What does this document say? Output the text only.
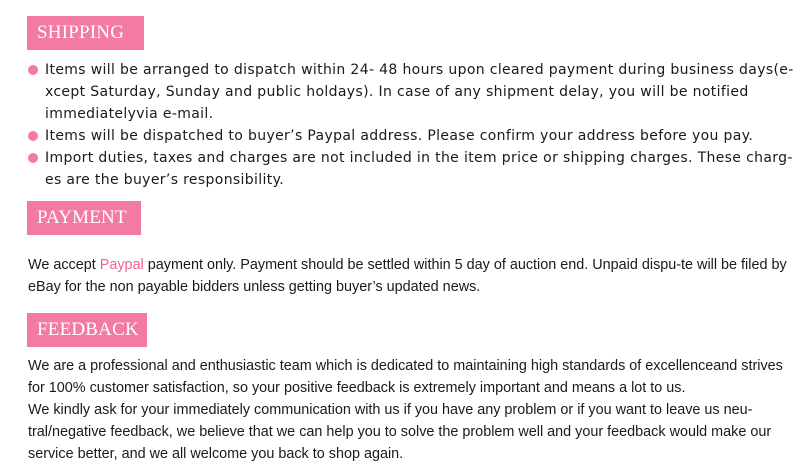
SHIPPING
Items will be arranged to dispatch within 24- 48 hours upon cleared payment during business days(e-
xcept Saturday, Sunday and public holdays). In case of any shipment delay, you will be notified
immediatelyvia e-mail.
Items will be dispatched to buyer’s Paypal address. Please confirm your address before you pay.
Import duties, taxes and charges are not included in the item price or shipping charges. These charg-
es are the buyer’s responsibility.
PAYMENT

We accept Paypal payment only. Payment should be settled within 5 day of auction end. Unpaid dispu-te will be filed by
eBay for the non payable bidders unless getting buyer’s updated news.

FEEDBACK

We are a professional and enthusiastic team which is dedicated to maintaining high standards of excellenceand strives
for 100% customer satisfaction, so your positive feedback is extremely important and means a lot to us.

We kindly ask for your immediately communication with us if you have any problem or if you want to leave us neu-
tral/negative feedback, we believe that we can help you to solve the problem well and your feedback would make our
service better, and we all welcome you back to shop again.
